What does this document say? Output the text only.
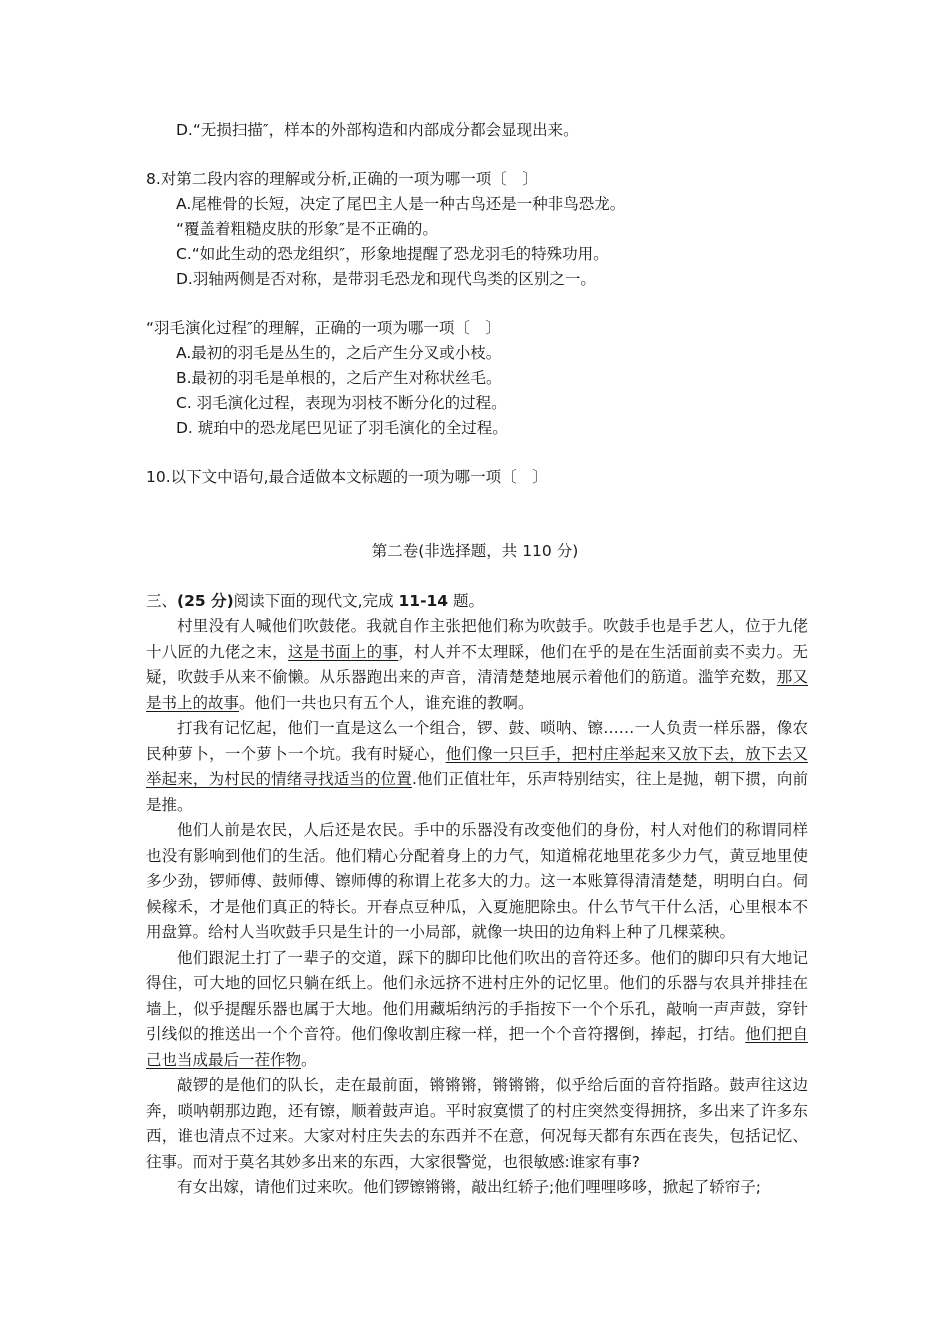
D.“无损扫描″，样本的外部构造和内部成分都会显现出来。
8.对第二段内容的理解或分析,正确的一项为哪一项〔　〕
A.尾椎骨的长短，决定了尾巴主人是一种古鸟还是一种非鸟恐龙。
“覆盖着粗糙皮肤的形象″是不正确的。
C.“如此生动的恐龙组织″，形象地提醒了恐龙羽毛的特殊功用。
D.羽轴两侧是否对称，是带羽毛恐龙和现代鸟类的区别之一。
“羽毛演化过程″的理解，正确的一项为哪一项〔　〕
A.最初的羽毛是丛生的，之后产生分叉或小枝。
B.最初的羽毛是单根的，之后产生对称状丝毛。
C. 羽毛演化过程，表现为羽枝不断分化的过程。
D. 琥珀中的恐龙尾巴见证了羽毛演化的全过程。
10.以下文中语句,最合适做本文标题的一项为哪一项〔　〕
第二卷(非选择题，共 110 分)
三、(25 分)阅读下面的现代文,完成 11-14 题。

村里没有人喊他们吹鼓佬。我就自作主张把他们称为吹鼓手。吹鼓手也是手艺人，位于九佬十八匠的九佬之末，这是书面上的事，村人并不太理睬，他们在乎的是在生活面前卖不卖力。无疑，吹鼓手从来不偷懒。从乐器跑出来的声音，清清楚楚地展示着他们的筋道。滥竽充数，那又是书上的故事。他们一共也只有五个人，谁充谁的教啊。

打我有记忆起，他们一直是这么一个组合，锣、鼓、唢呐、镲……一人负责一样乐器，像农民种萝卜，一个萝卜一个坑。我有时疑心，他们像一只巨手，把村庄举起来又放下去，放下去又举起来，为村民的情绪寻找适当的位置.他们正值壮年，乐声特别结实，往上是抛，朝下掼，向前是推。

他们人前是农民，人后还是农民。手中的乐器没有改变他们的身份，村人对他们的称谓同样也没有影响到他们的生活。他们精心分配着身上的力气，知道棉花地里花多少力气，黄豆地里使多少劲，锣师傅、鼓师傅、镲师傅的称谓上花多大的力。这一本账算得清清楚楚，明明白白。伺候稼禾，才是他们真正的特长。开春点豆种瓜，入夏施肥除虫。什么节气干什么活，心里根本不用盘算。给村人当吹鼓手只是生计的一小局部，就像一块田的边角料上种了几棵菜秧。

他们跟泥土打了一辈子的交道，踩下的脚印比他们吹出的音符还多。他们的脚印只有大地记得住，可大地的回忆只躺在纸上。他们永远挤不进村庄外的记忆里。他们的乐器与农具并排挂在墙上，似乎提醒乐器也属于大地。他们用藏垢纳污的手指按下一个个乐孔，敲响一声声鼓，穿针引线似的推送出一个个音符。他们像收割庄稼一样，把一个个音符撂倒，捧起，打结。他们把自己也当成最后一茬作物。

敲锣的是他们的队长，走在最前面，锵锵锵，锵锵锵，似乎给后面的音符指路。鼓声往这边奔，唢呐朝那边跑，还有镲，顺着鼓声追。平时寂寞惯了的村庄突然变得拥挤，多出来了许多东西，谁也清点不过来。大家对村庄失去的东西并不在意，何况每天都有东西在丧失，包括记忆、往事。而对于莫名其妙多出来的东西，大家很警觉，也很敏感:谁家有事?

有女出嫁，请他们过来吹。他们锣镲锵锵，敲出红轿子;他们哩哩哆哆，掀起了轿帘子;
